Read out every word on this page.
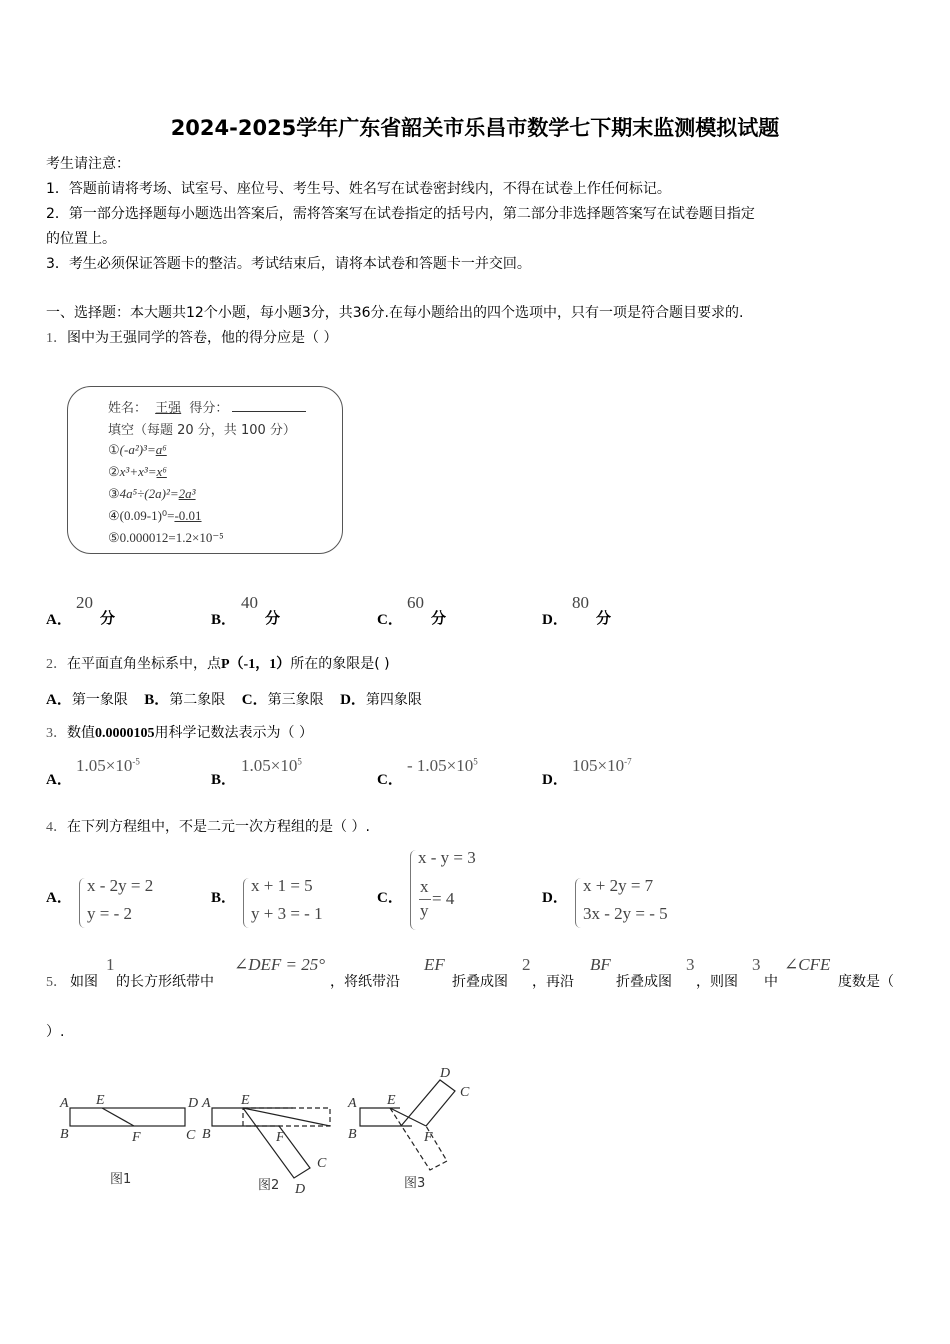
2024-2025学年广东省韶关市乐昌市数学七下期末监测模拟试题
考生请注意：
1．答题前请将考场、试室号、座位号、考生号、姓名写在试卷密封线内，不得在试卷上作任何标记。
2．第一部分选择题每小题选出答案后，需将答案写在试卷指定的括号内，第二部分非选择题答案写在试卷题目指定
的位置上。
3．考生必须保证答题卡的整洁。考试结束后，请将本试卷和答题卡一并交回。
一、选择题：本大题共12个小题，每小题3分，共36分.在每小题给出的四个选项中，只有一项是符合题目要求的.
1．图中为王强同学的答卷，他的得分应是（ ）
姓名： 王强 得分：
填空（每题 20 分，共 100 分）
①(-a²)³=a⁶
②x³+x³=x⁶
③4a⁵÷(2a)²=2a³
④(0.09-1)⁰=-0.01
⑤0.000012=1.2×10⁻⁵
A．
20
分	B．
40
分	C．
60
分	D．
80
分
2．在平面直角坐标系中，点P（-1，1）所在的象限是( )
A．第一象限 B．第二象限 C．第三象限 D．第四象限
3．数值0.0000105用科学记数法表示为（ ）
A．
$1.05\times 10^{-5}$
B．
$1.05\times 10^5$
C．
- $1.05\times 10^5$
D．
$105\times 10^{-7}$
4．在下列方程组中，不是二元一次方程组的是（ ）.
A．
x - 2y = 2
y = - 2
B．
x + 1 = 5
y + 3 = - 1
C．
x - y = 3
x
y
= 4	D．
x + 2y = 7
3x - 2y = - 5
5． 如图
1
的长方形纸带中
∠DEF = 25°
，将纸带沿
EF
折叠成图
2
，再沿
BF
折叠成图
3
，则图
3
中
∠CFE
度数是（
）.
A E	D
B	F	C
A E
B	F
C
D
A E
B	F
C
D
图1	图2	图3
